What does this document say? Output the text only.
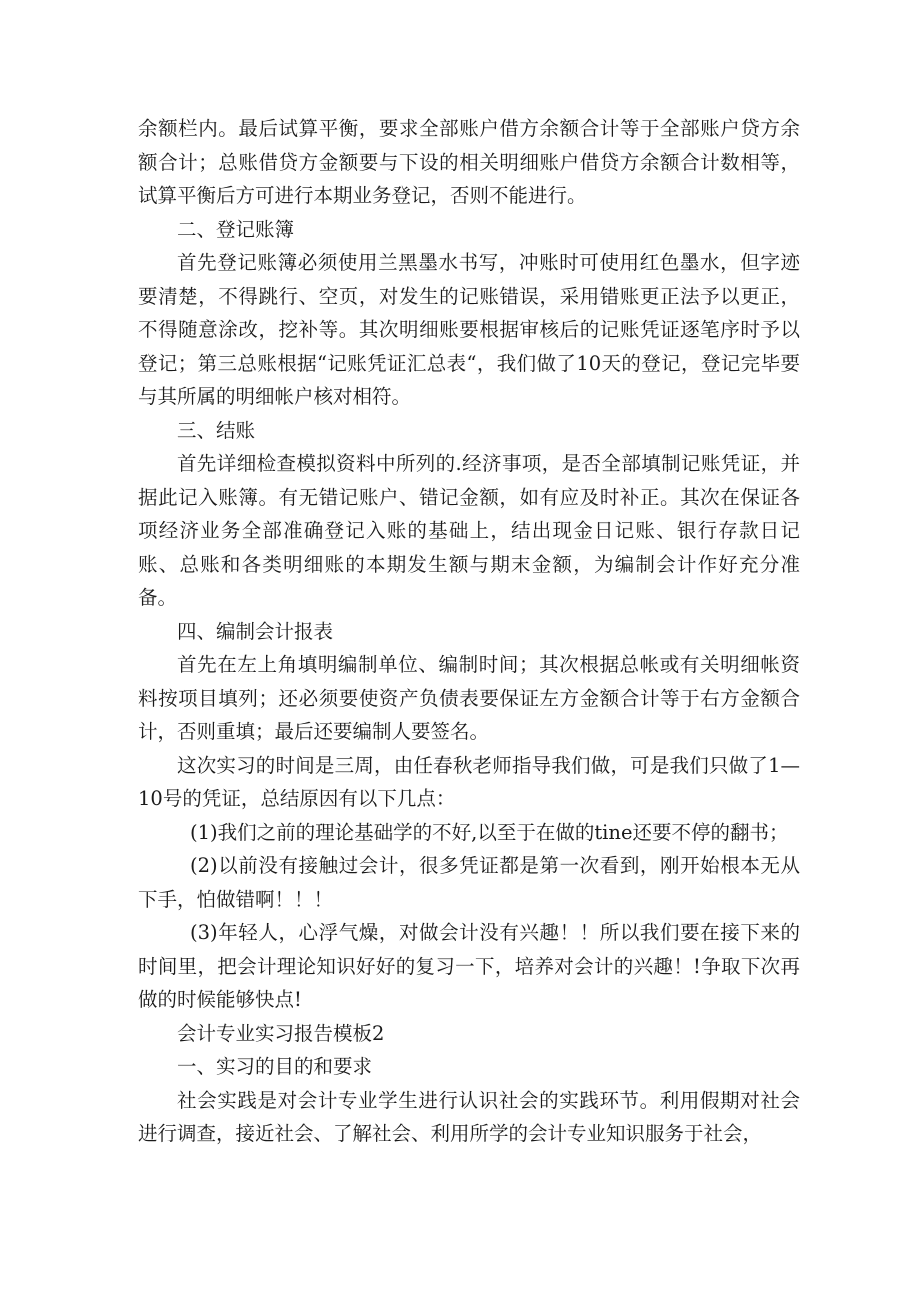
余额栏内。最后试算平衡，要求全部账户借方余额合计等于全部账户贷方余额合计；总账借贷方金额要与下设的相关明细账户借贷方余额合计数相等，试算平衡后方可进行本期业务登记，否则不能进行。

二、登记账簿

首先登记账簿必须使用兰黑墨水书写，冲账时可使用红色墨水，但字迹要清楚，不得跳行、空页，对发生的记账错误，采用错账更正法予以更正，不得随意涂改，挖补等。其次明细账要根据审核后的记账凭证逐笔序时予以登记；第三总账根据“记账凭证汇总表“，我们做了10天的登记，登记完毕要与其所属的明细帐户核对相符。

三、结账

首先详细检查模拟资料中所列的.经济事项，是否全部填制记账凭证，并据此记入账簿。有无错记账户、错记金额，如有应及时补正。其次在保证各项经济业务全部准确登记入账的基础上，结出现金日记账、银行存款日记账、总账和各类明细账的本期发生额与期末金额，为编制会计作好充分准备。

四、编制会计报表

首先在左上角填明编制单位、编制时间；其次根据总帐或有关明细帐资料按项目填列；还必须要使资产负债表要保证左方金额合计等于右方金额合计，否则重填；最后还要编制人要签名。

这次实习的时间是三周，由任春秋老师指导我们做，可是我们只做了1—10号的凭证，总结原因有以下几点：

(1)我们之前的理论基础学的不好,以至于在做的tine还要不停的翻书；

(2)以前没有接触过会计，很多凭证都是第一次看到，刚开始根本无从下手，怕做错啊！！！

(3)年轻人，心浮气燥，对做会计没有兴趣！！所以我们要在接下来的时间里，把会计理论知识好好的复习一下，培养对会计的兴趣！!争取下次再做的时候能够快点!

会计专业实习报告模板2

一、实习的目的和要求

社会实践是对会计专业学生进行认识社会的实践环节。利用假期对社会进行调查，接近社会、了解社会、利用所学的会计专业知识服务于社会，
